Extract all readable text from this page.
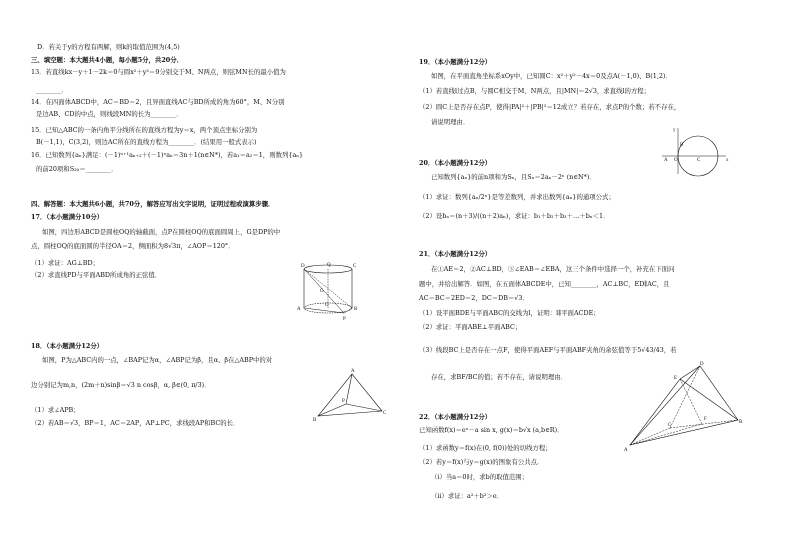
D．若关于y的方程有两解，则k的取值范围为(4,5)
三、填空题：本大题共4小题，每小题5分，共20分．
13．若直线kx－y＋1－2k＝0与圆x²＋y²＝9分别交于M、N两点，则弦MN长的最小值为
________．
14．在四面体ABCD中，AC＝BD＝2，且异面直线AC与BD所成的角为60°，M、N分别
是边AB、CD的中点，则线段MN的长为________．
15．已知△ABC的一条内角平分线所在的直线方程为y＝x，两个顶点坐标分别为
B(－1,1)，C(3,2)，则边AC所在的直线方程为________．(结果用一般式表示)
16．已知数列{aₙ}满足：(－1)ⁿ⁺¹aₙ₊₂＋(－1)ⁿaₙ＝3n＋1(n∈N*)，若a₁＝a₂＝1，则数列{aₙ}
的前20项和S₂₀＝________．
四、解答题：本大题共6小题，共70分，解答应写出文字说明，证明过程或演算步骤．
17．（本小题满分10分）
如图，四边形ABCD是圆柱OQ的轴截面，点P在圆柱OQ的底面圆周上，G是DP的中
点，圆柱OQ的底面圆的半径OA＝2，侧面积为8√3π，∠AOP＝120°．
（1）求证：AG⊥BD；
（2）求直线PD与平面ABD所成角的正弦值．
18．（本小题满分12分）
如图，P为△ABC内的一点，∠BAP记为α，∠ABP记为β，且α、β在△ABP中的对
边分别记为m,n，(2m＋n)sinβ＝√3 n cosβ，α, β∈(0, π/3)．
（1）求∠APB；
（2）若AB＝√3，BP＝1，AC＝2AP，AP⊥PC，求线段AP和BC的长．
D	Q	C
G
A
O
B
P
A
P
B
C
19．（本小题满分12分）
如图，在平面直角坐标系xOy中，已知圆C：x²＋y²－4x＝0及点A(－1,0)、B(1,2)．
（1）若直线l过点B，与圆C相交于M、N两点，且|MN|＝2√3，求直线l的方程；
（2）圆C上是否存在点P，使得|PA|²＋|PB|²＝12成立？若存在，求点P的个数；若不存在，
请说明理由．
20．（本小题满分12分）
已知数列{aₙ}的前n项和为Sₙ，且Sₙ＝2aₙ－2ⁿ (n∈N*)．
（1）求证：数列{aₙ/2ⁿ}是等差数列，并求出数列{aₙ}的通项公式；
（2）设bₙ＝(n＋3)/((n＋2)aₙ)，求证：b₁＋b₂＋b₃＋…＋bₙ＜1．
21．（本小题满分12分）
在①AE＝2，②AC⊥BD，③∠EAB＝∠EBA，这三个条件中选择一个，补充在下面问
题中，并给出解答．如图，在五面体ABCDE中，已知________，AC⊥BC，ED∥AC，且
AC＝BC＝2ED＝2，DC＝DB＝√3．
（1）设平面BDE与平面ABC的交线为l，证明：l∥平面ACDE；
（2）求证：平面ABE⊥平面ABC；
（3）线段BC上是否存在一点F，使得平面AEF与平面ABF夹角的余弦值等于5√43/43，若
存在，求BF/BC的值；若不存在，请说明理由．
22．（本小题满分12分）
已知函数f(x)＝eˣ－a sin x, g(x)＝b√x (a,b∈R)．
（1）求函数y＝f(x)在(0, f(0))处的切线方程；
（2）若y＝f(x)与y＝g(x)的图象有公共点．
（i）当a＝0时，求b的取值范围；
（ii）求证：a²＋b²＞e．
y
A O	C	x
B
D
E
F
C
A
B
